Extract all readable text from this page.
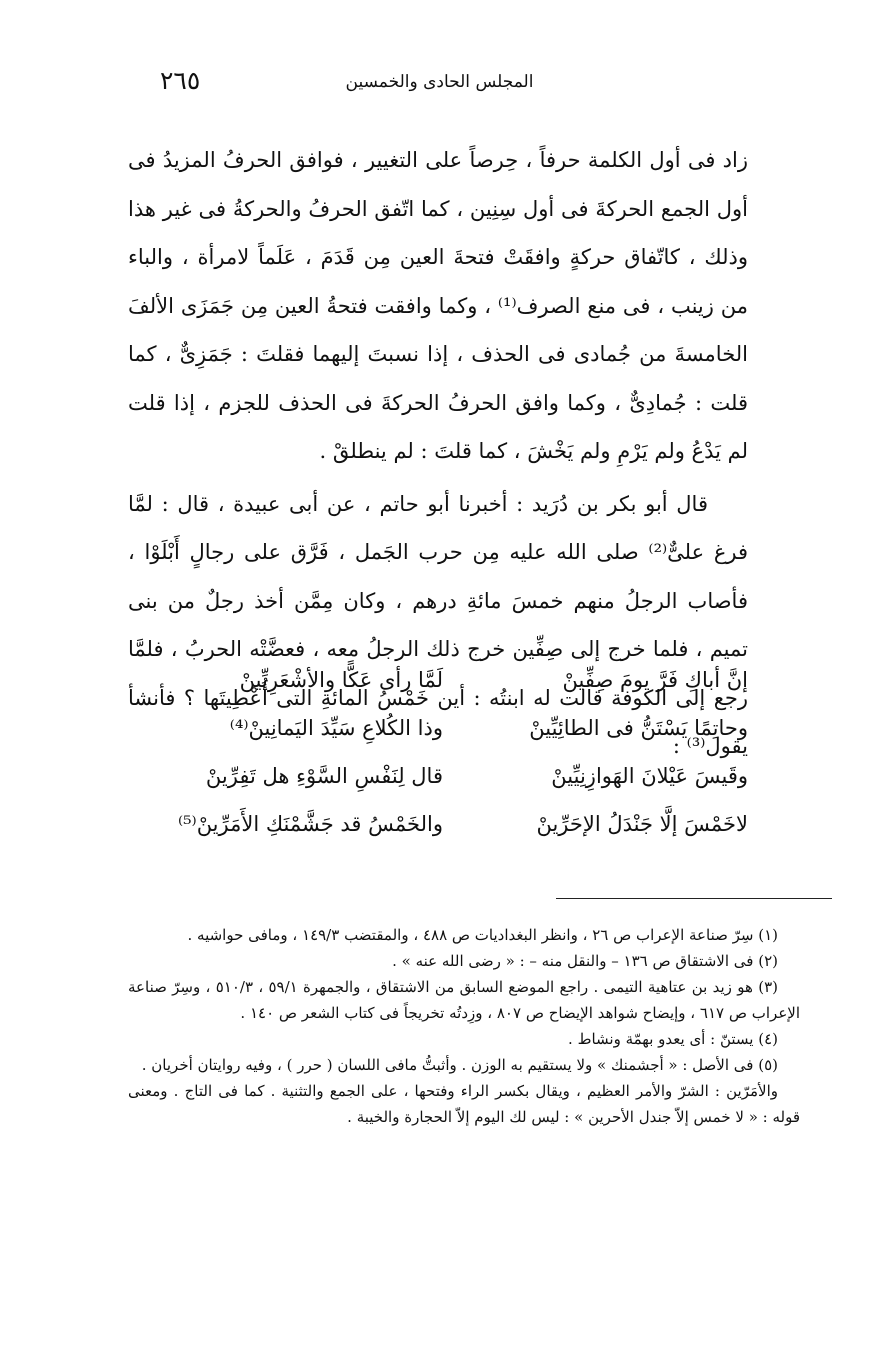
٢٦٥	المجلس الحادى والخمسين

زاد فى أول الكلمة حرفاً ، حِرصاً على التغيير ، فوافق الحرفُ المزيدُ فى أول الجمع الحركةَ فى أول سِنِين ، كما اتّفق الحرفُ والحركةُ فى غير هذا وذلك ، كاتّفاق حركةٍ وافقَتْ فتحةَ العين مِن قَدَمَ ، عَلَماً لامرأة ، والباء من زينب ، فى منع الصرف⁽¹⁾ ، وكما وافقت فتحةُ العين مِن جَمَزَى الألفَ الخامسةَ من جُمادى فى الحذف ، إذا نسبتَ إليهما فقلتَ : جَمَزِىٌّ ، كما قلت : جُمادِىٌّ ، وكما وافق الحرفُ الحركةَ فى الحذف للجزم ، إذا قلت لم يَدْعُ ولم يَرْمِ ولم يَخْشَ ، كما قلتَ : لم ينطلقْ .

قال أبو بكر بن دُرَيد : أخبرنا أبو حاتم ، عن أبى عبيدة ، قال : لمَّا فرغ علىٌّ⁽²⁾ صلى الله عليه مِن حرب الجَمل ، فَرَّق على رجالٍ أَبْلَوْا ، فأصاب الرجلُ منهم خمسَ مائةِ درهم ، وكان مِمَّن أخذ رجلٌ من بنى تميم ، فلما خرج إلى صِفِّين خرج ذلك الرجلُ معه ، فعضَّتْه الحربُ ، فلمَّا رجع إلى الكوفة قالت له ابنتُه : أين خَمْسُ المائةِ التى أُعْطِيتَها ؟ فأنشأ يقول⁽³⁾ :

إنَّ أباكِ فَرَّ يومَ صِفِّينْ
لَمَّا رأى عَكًّا والأشْعَرِيِّينْ
وحاتِمًا يَسْتَنُّ فى الطائِيِّينْ
وذا الكُلاعِ سَيِّدَ اليَمانِينْ⁽⁴⁾
وقَيسَ عَيْلانَ الهَوازِنِيِّينْ
قال لِنَفْسِ السَّوْءِ هل تَفِرِّينْ
لاخَمْسَ إلَّا جَنْدَلُ الإحَرِّينْ
والخَمْسُ قد جَشَّمْنَكِ الأَمَرِّينْ⁽⁵⁾

(١) سِرّ صناعة الإعراب ص ٢٦ ، وانظر البغداديات ص ٤٨٨ ، والمقتضب ١٤٩/٣ ، ومافى حواشيه .

(٢) فى الاشتقاق ص ١٣٦ – والنقل منه – : « رضى الله عنه » .

(٣) هو زيد بن عتاهية التيمى . راجع الموضع السابق من الاشتقاق ، والجمهرة ٥٩/١ ، ٥١٠/٣ ، وسِرّ صناعة الإعراب ص ٦١٧ ، وإيضاح شواهد الإيضاح ص ٨٠٧ ، وزِدتُه تخريجاً فى كتاب الشعر ص ١٤٠ .

(٤) يستنّ : أى يعدو بهمّة ونشاط .

(٥) فى الأصل : « أجشمنك » ولا يستقيم به الوزن . وأثبتُّ مافى اللسان ( حرر ) ، وفيه روايتان أخريان .

والأمَرّين : الشرّ والأمر العظيم ، ويقال بكسر الراء وفتحها ، على الجمع والتثنية . كما فى التاج . ومعنى قوله : « لا خمس إلاّ جندل الأحرين » : ليس لك اليوم إلاّ الحجارة والخيبة .
